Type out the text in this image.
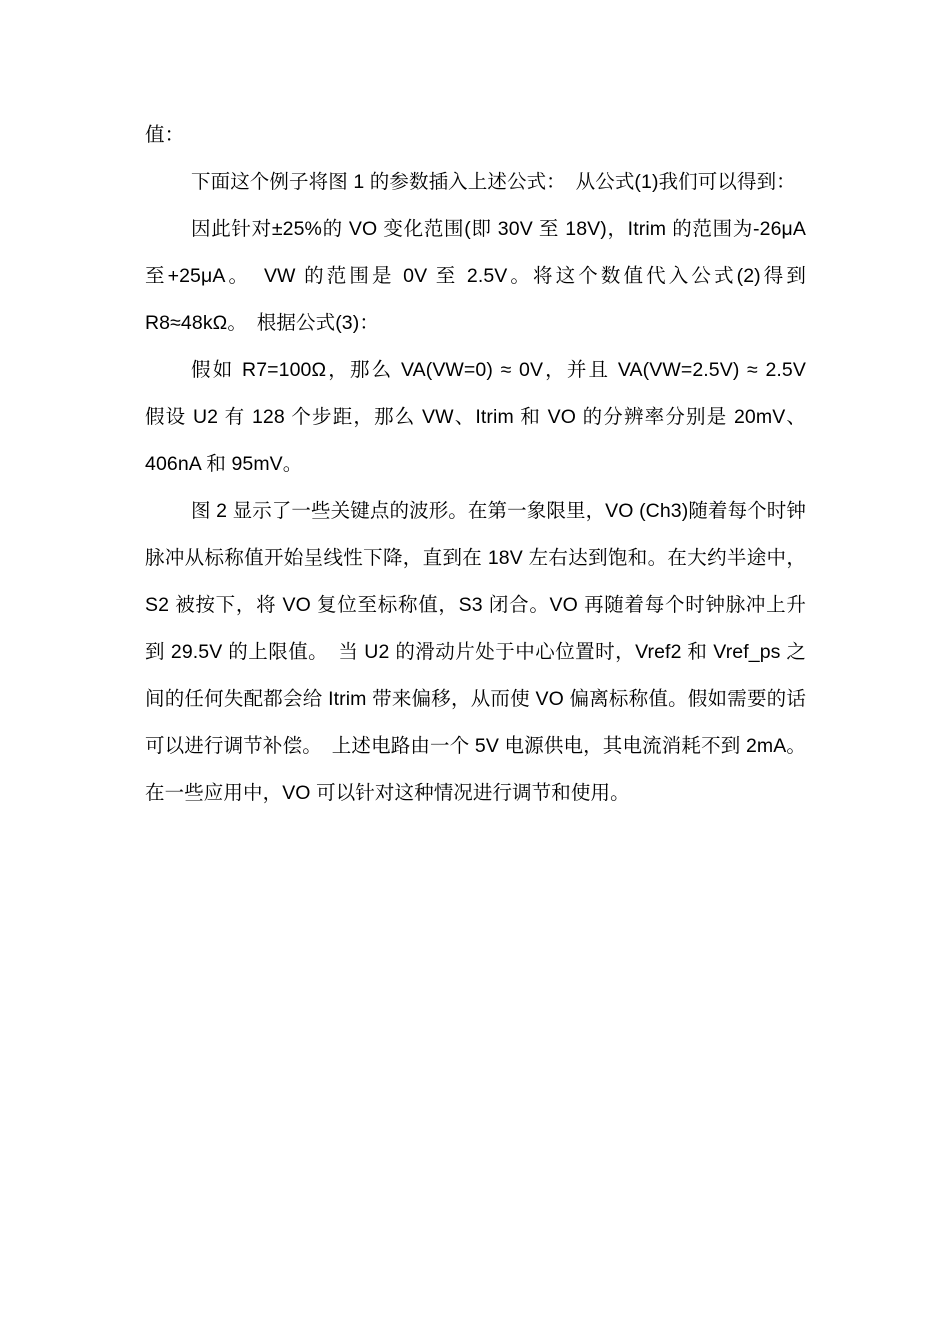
值：

下面这个例子将图 1 的参数插入上述公式：　从公式(1)我们可以得到：

因此针对±25%的 VO 变化范围(即 30V 至 18V)，Itrim 的范围为-26μA 至+25μA。　VW 的范围是 0V 至 2.5V。将这个数值代入公式(2)得到 R8≈48kΩ。　根据公式(3)：

假如 R7=100Ω，那么 VA(VW=0) ≈ 0V，并且 VA(VW=2.5V) ≈ 2.5V　假设 U2 有 128 个步距，那么 VW、Itrim 和 VO 的分辨率分别是 20mV、406nA 和 95mV。

图 2 显示了一些关键点的波形。在第一象限里，VO (Ch3)随着每个时钟脉冲从标称值开始呈线性下降，直到在 18V 左右达到饱和。在大约半途中，S2 被按下，将 VO 复位至标称值，S3 闭合。VO 再随着每个时钟脉冲上升到 29.5V 的上限值。　当 U2 的滑动片处于中心位置时，Vref2 和 Vref_ps 之间的任何失配都会给 Itrim 带来偏移，从而使 VO 偏离标称值。假如需要的话可以进行调节补偿。　上述电路由一个 5V 电源供电，其电流消耗不到 2mA。在一些应用中，VO 可以针对这种情况进行调节和使用。
